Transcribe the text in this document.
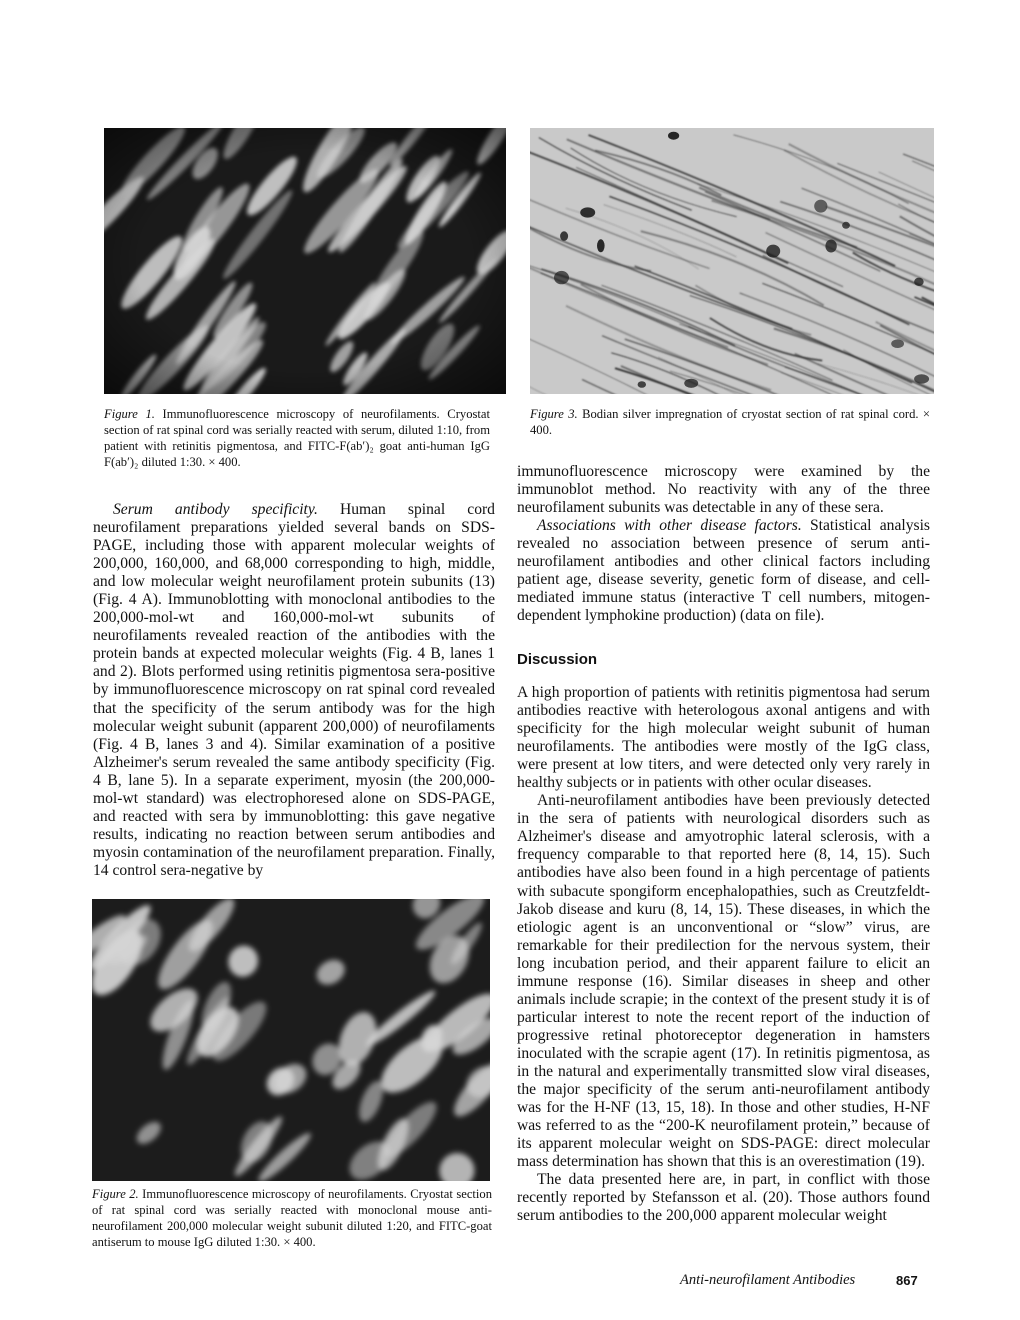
Figure 1. Immunofluorescence microscopy of neurofilaments. Cryostat section of rat spinal cord was serially reacted with serum, diluted 1:10, from patient with retinitis pigmentosa, and FITC-F(ab′)₂ goat anti-human IgG F(ab′)₂ diluted 1:30. × 400.
Figure 3. Bodian silver impregnation of cryostat section of rat spinal cord. × 400.

Serum antibody specificity. Human spinal cord neurofilament preparations yielded several bands on SDS-PAGE, including those with apparent molecular weights of 200,000, 160,000, and 68,000 corresponding to high, middle, and low molecular weight neurofilament protein subunits (13) (Fig. 4 A). Immunoblotting with monoclonal antibodies to the 200,000-mol-wt and 160,000-mol-wt subunits of neurofilaments revealed reaction of the antibodies with the protein bands at expected molecular weights (Fig. 4 B, lanes 1 and 2). Blots performed using retinitis pigmentosa sera-positive by immunofluorescence microscopy on rat spinal cord revealed that the specificity of the serum antibody was for the high molecular weight subunit (apparent 200,000) of neurofilaments (Fig. 4 B, lanes 3 and 4). Similar examination of a positive Alzheimer's serum revealed the same antibody specificity (Fig. 4 B, lane 5). In a separate experiment, myosin (the 200,000-mol-wt standard) was electrophoresed alone on SDS-PAGE, and reacted with sera by immunoblotting: this gave negative results, indicating no reaction between serum antibodies and myosin contamination of the neurofilament preparation. Finally, 14 control sera-negative by

Figure 2. Immunofluorescence microscopy of neurofilaments. Cryostat section of rat spinal cord was serially reacted with monoclonal mouse anti-neurofilament 200,000 molecular weight subunit diluted 1:20, and FITC-goat antiserum to mouse IgG diluted 1:30. × 400.

immunofluorescence microscopy were examined by the immunoblot method. No reactivity with any of the three neurofilament subunits was detectable in any of these sera.

Associations with other disease factors. Statistical analysis revealed no association between presence of serum anti-neurofilament antibodies and other clinical factors including patient age, disease severity, genetic form of disease, and cell-mediated immune status (interactive T cell numbers, mitogen-dependent lymphokine production) (data on file).

Discussion

A high proportion of patients with retinitis pigmentosa had serum antibodies reactive with heterologous axonal antigens and with specificity for the high molecular weight subunit of human neurofilaments. The antibodies were mostly of the IgG class, were present at low titers, and were detected only very rarely in healthy subjects or in patients with other ocular diseases.

Anti-neurofilament antibodies have been previously detected in the sera of patients with neurological disorders such as Alzheimer's disease and amyotrophic lateral sclerosis, with a frequency comparable to that reported here (8, 14, 15). Such antibodies have also been found in a high percentage of patients with subacute spongiform encephalopathies, such as Creutzfeldt-Jakob disease and kuru (8, 14, 15). These diseases, in which the etiologic agent is an unconventional or “slow” virus, are remarkable for their predilection for the nervous system, their long incubation period, and their apparent failure to elicit an immune response (16). Similar diseases in sheep and other animals include scrapie; in the context of the present study it is of particular interest to note the recent report of the induction of progressive retinal photoreceptor degeneration in hamsters inoculated with the scrapie agent (17). In retinitis pigmentosa, as in the natural and experimentally transmitted slow viral diseases, the major specificity of the serum anti-neurofilament antibody was for the H-NF (13, 15, 18). In those and other studies, H-NF was referred to as the “200-K neurofilament protein,” because of its apparent molecular weight on SDS-PAGE: direct molecular mass determination has shown that this is an overestimation (19).

The data presented here are, in part, in conflict with those recently reported by Stefansson et al. (20). Those authors found serum antibodies to the 200,000 apparent molecular weight

Anti-neurofilament Antibodies	867
